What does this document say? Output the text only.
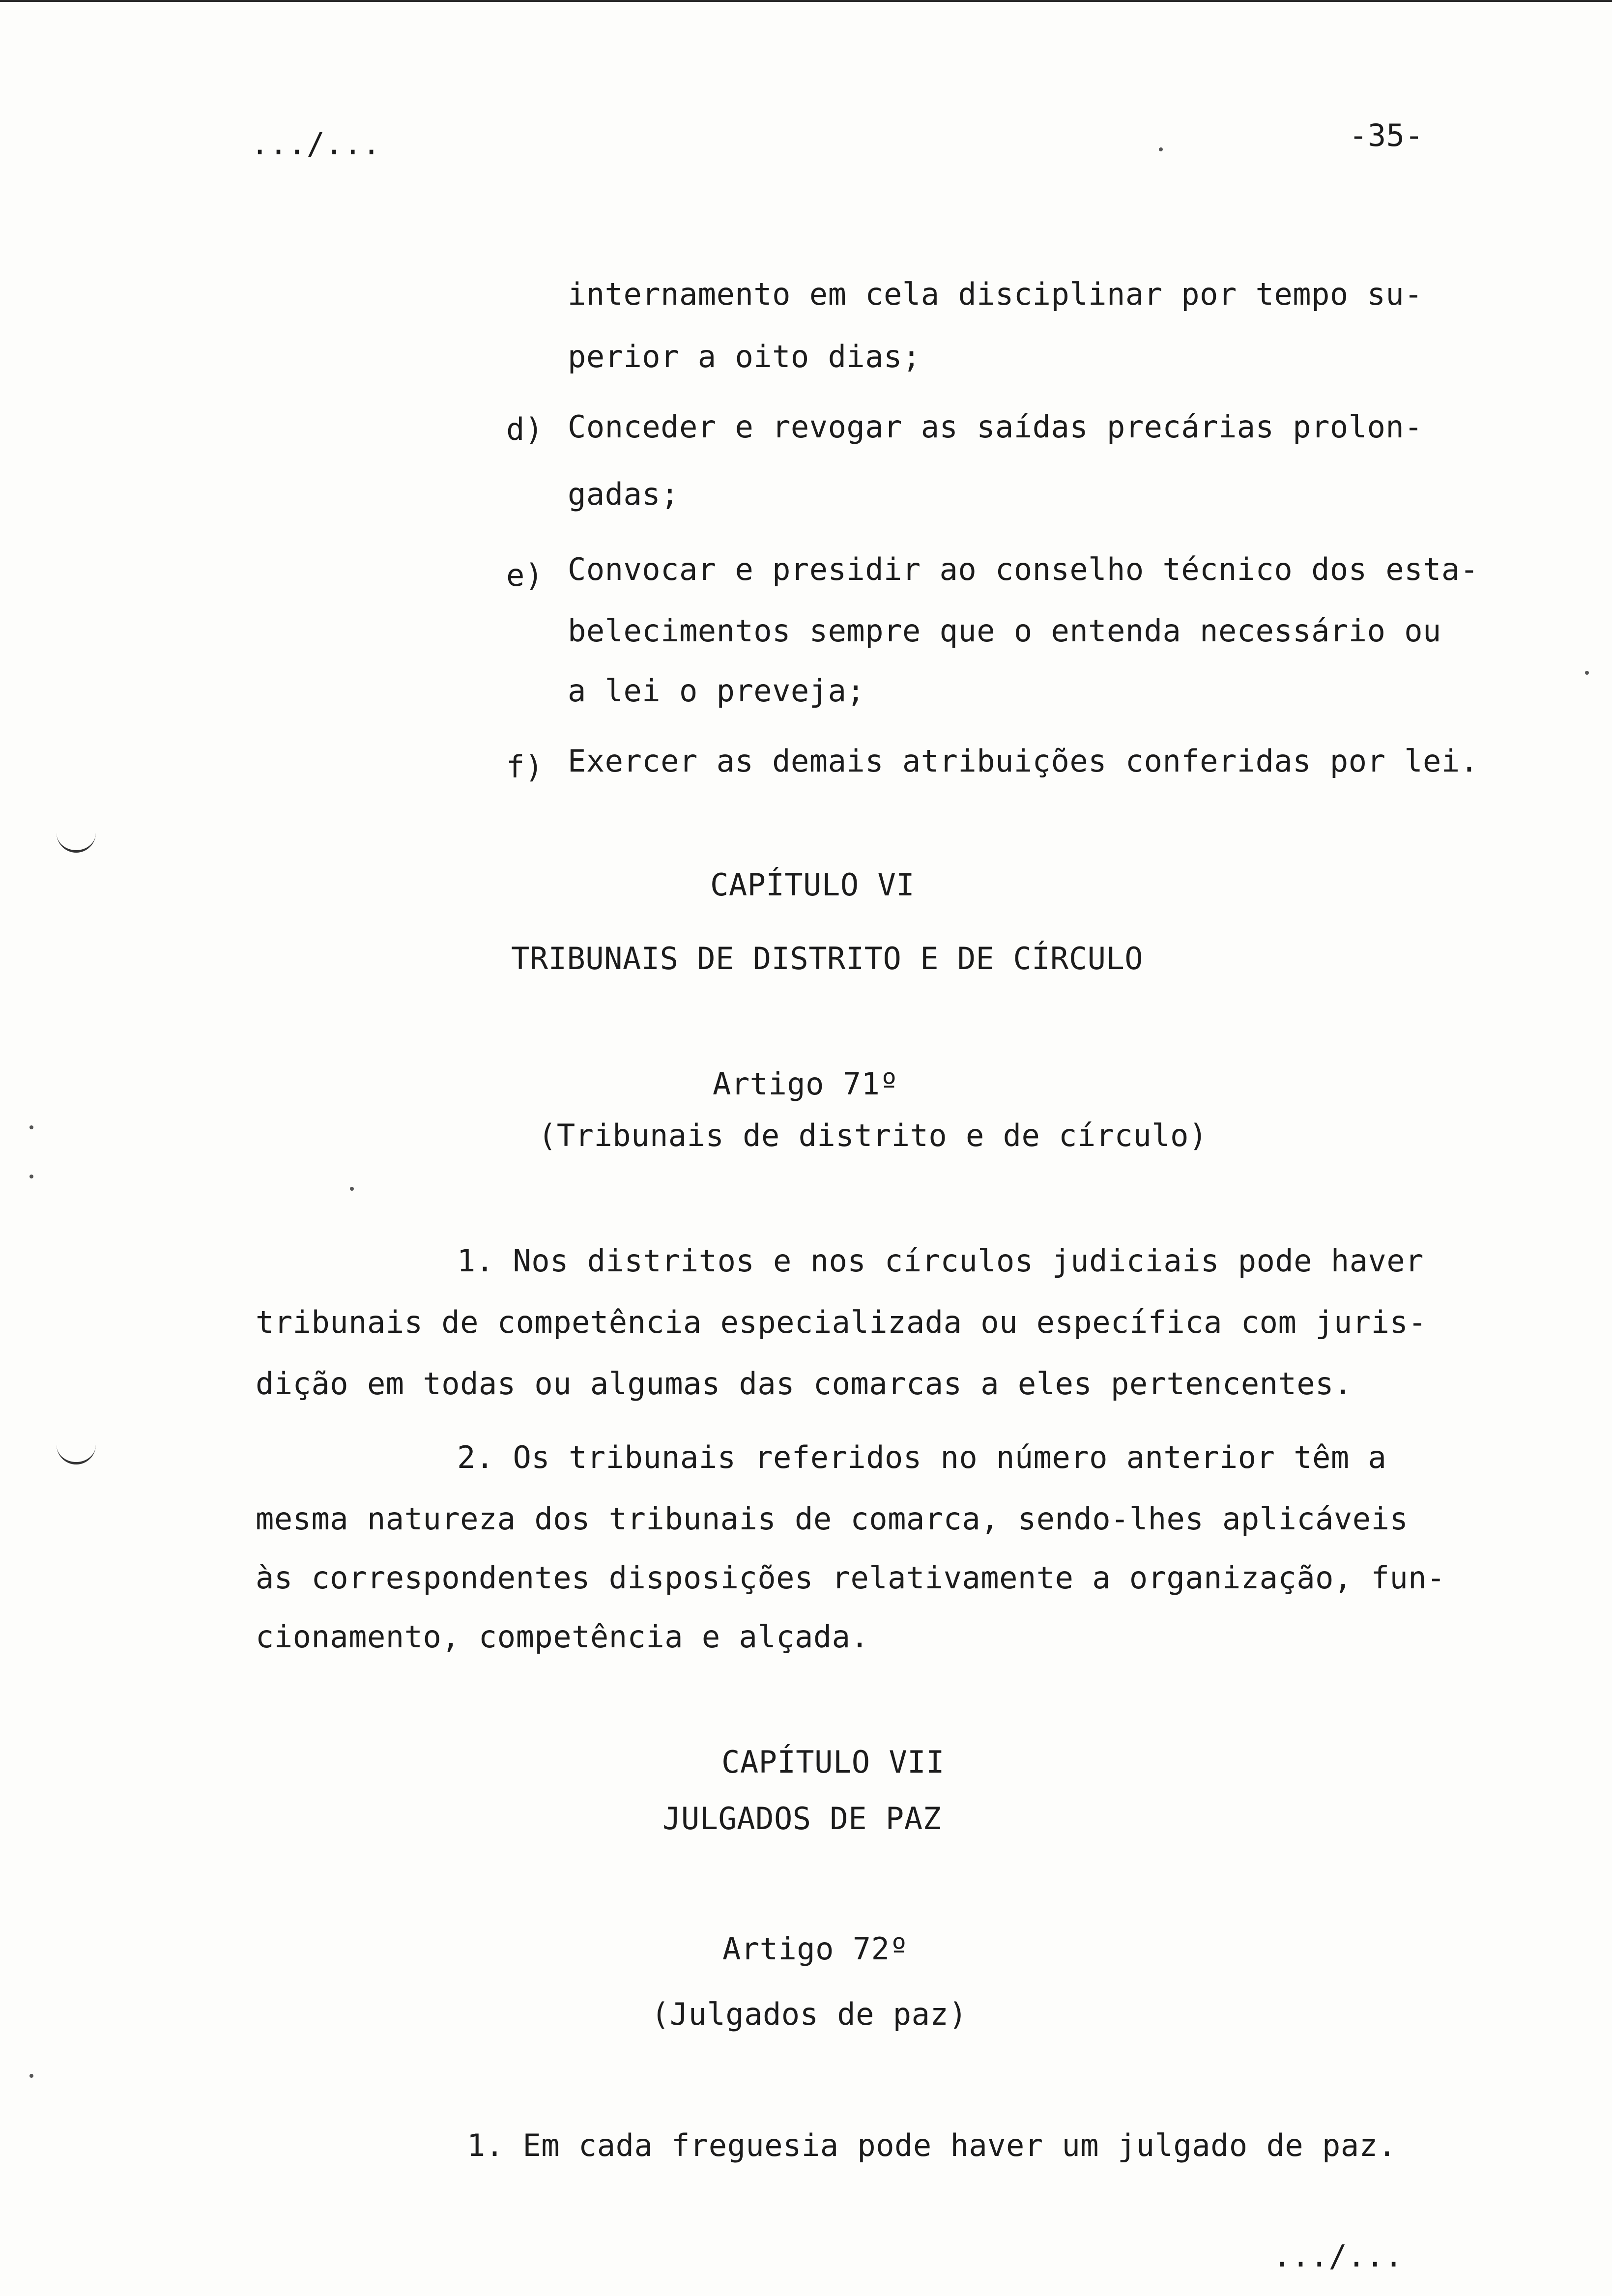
.../...	-35-
internamento em cela disciplinar por tempo su-
perior a oito dias;
d) Conceder e revogar as saídas precárias prolon-
gadas;
e) Convocar e presidir ao conselho técnico dos esta-
belecimentos sempre que o entenda necessário ou
a lei o preveja;
f) Exercer as demais atribuições conferidas por lei.
CAPÍTULO VI
TRIBUNAIS DE DISTRITO E DE CÍRCULO
Artigo 71º
(Tribunais de distrito e de círculo)
1. Nos distritos e nos círculos judiciais pode haver
tribunais de competência especializada ou específica com juris-
dição em todas ou algumas das comarcas a eles pertencentes.
2. Os tribunais referidos no número anterior têm a
mesma natureza dos tribunais de comarca, sendo-lhes aplicáveis
às correspondentes disposições relativamente a organização, fun-
cionamento, competência e alçada.
CAPÍTULO VII
JULGADOS DE PAZ
Artigo 72º
(Julgados de paz)
1. Em cada freguesia pode haver um julgado de paz.
.../...
